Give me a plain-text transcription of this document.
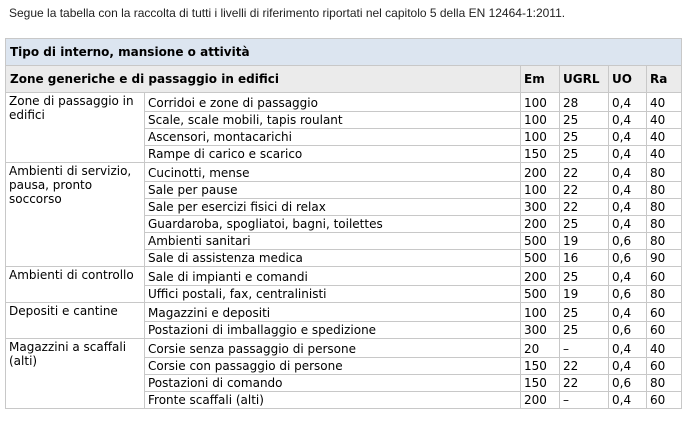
Segue la tabella con la raccolta di tutti i livelli di riferimento riportati nel capitolo 5 della EN 12464-1:2011.
Tipo di interno, mansione o attività					
Zone generiche e di passaggio in edifici		Em	UGRL	UO	Ra
Zone di passaggio in edifici	Corridoi e zone di passaggio	100	28	0,4	40
	Scale, scale mobili, tapis roulant	100	25	0,4	40
	Ascensori, montacarichi	100	25	0,4	40
	Rampe di carico e scarico	150	25	0,4	40
Ambienti di servizio, pausa, pronto soccorso	Cucinotti, mense	200	22	0,4	80
	Sale per pause	100	22	0,4	80
	Sale per esercizi fisici di relax	300	22	0,4	80
	Guardaroba, spogliatoi, bagni, toilettes	200	25	0,4	80
	Ambienti sanitari	500	19	0,6	80
	Sale di assistenza medica	500	16	0,6	90
Ambienti di controllo	Sale di impianti e comandi	200	25	0,4	60
	Uffici postali, fax, centralinisti	500	19	0,6	80
Depositi e cantine	Magazzini e depositi	100	25	0,4	60
	Postazioni di imballaggio e spedizione	300	25	0,6	60
Magazzini a scaffali (alti)	Corsie senza passaggio di persone	20	–	0,4	40
	Corsie con passaggio di persone	150	22	0,4	60
	Postazioni di comando	150	22	0,6	80
	Fronte scaffali (alti)	200	–	0,4	60
